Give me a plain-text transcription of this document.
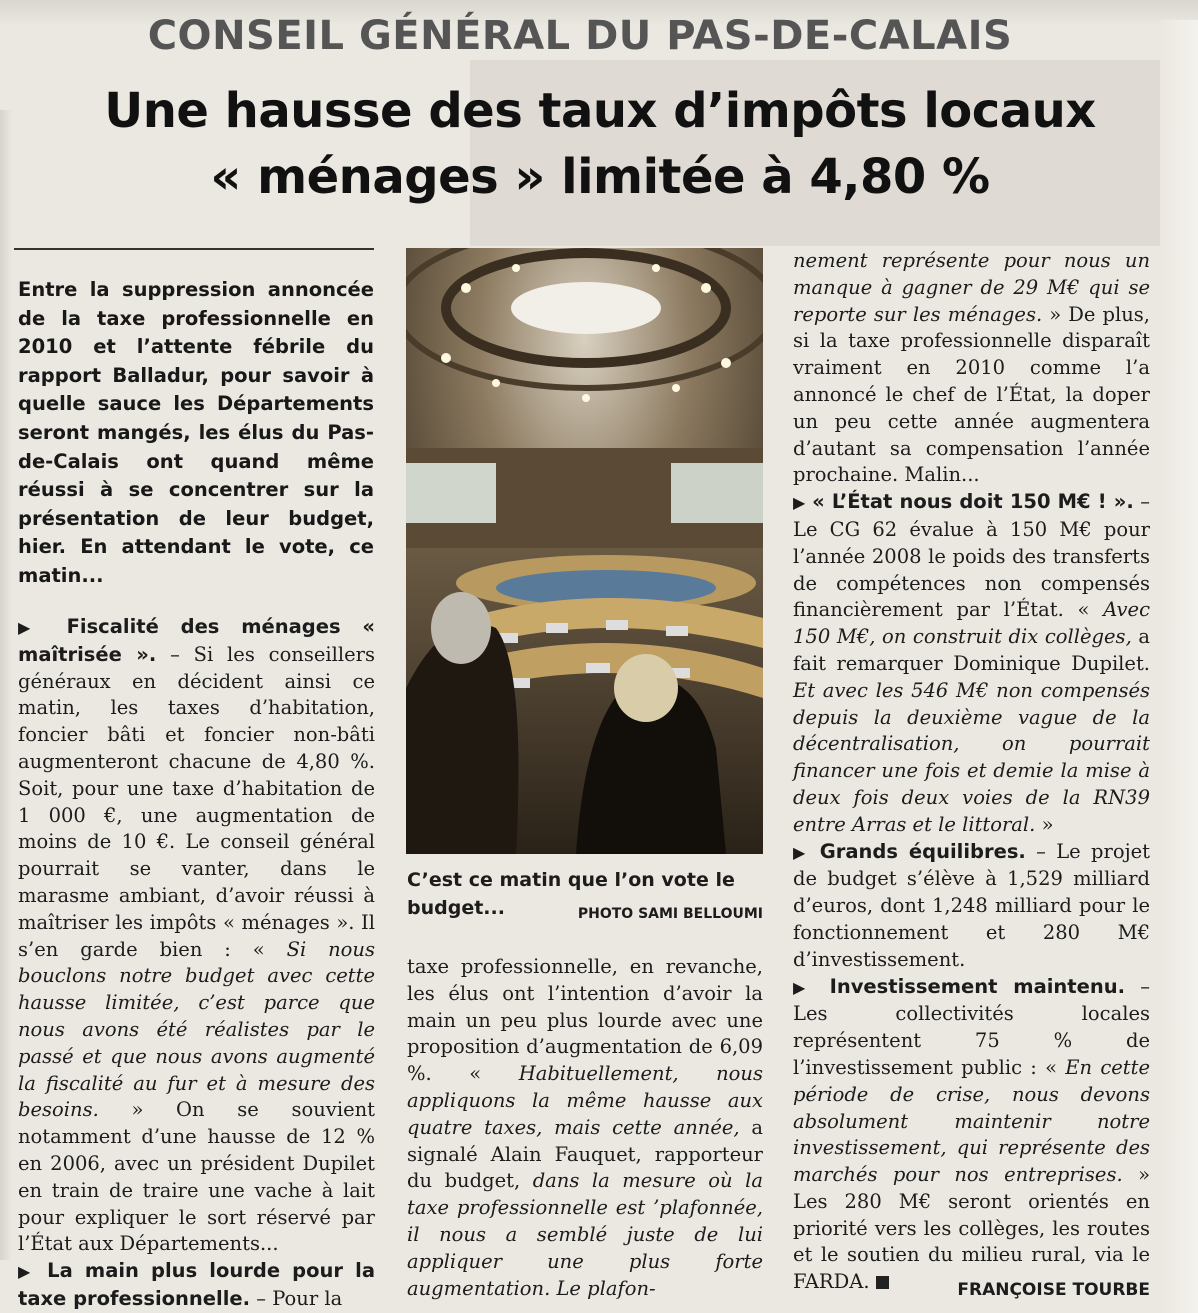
CONSEIL GÉNÉRAL DU PAS-DE-CALAIS
Une hausse des taux d’impôts locaux
« ménages » limitée à 4,80 %
Entre la suppression annoncée de la taxe professionnelle en 2010 et l’attente fébrile du rapport Balladur, pour savoir à quelle sauce les Départements seront mangés, les élus du Pas-de-Calais ont quand même réussi à se concentrer sur la présentation de leur budget, hier. En attendant le vote, ce matin...

▶ Fiscalité des ménages « maîtrisée ». – Si les conseillers généraux en décident ainsi ce matin, les taxes d’habitation, foncier bâti et foncier non-bâti augmenteront chacune de 4,80 %. Soit, pour une taxe d’habitation de 1 000 €, une augmentation de moins de 10 €. Le conseil général pourrait se vanter, dans le marasme ambiant, d’avoir réussi à maîtriser les impôts « ménages ». Il s’en garde bien : « Si nous bouclons notre budget avec cette hausse limitée, c’est parce que nous avons été réalistes par le passé et que nous avons augmenté la fiscalité au fur et à mesure des besoins. » On se souvient notamment d’une hausse de 12 % en 2006, avec un président Dupilet en train de traire une vache à lait pour expliquer le sort réservé par l’État aux Départements...

▶ La main plus lourde pour la taxe professionnelle. – Pour la

C’est ce matin que l’on vote le budget...	PHOTO SAMI BELLOUMI

taxe professionnelle, en revanche, les élus ont l’intention d’avoir la main un peu plus lourde avec une proposition d’augmentation de 6,09 %. « Habituellement, nous appliquons la même hausse aux quatre taxes, mais cette année, a signalé Alain Fauquet, rapporteur du budget, dans la mesure où la taxe professionnelle est ’plafonnée, il nous a semblé juste de lui appliquer une plus forte augmentation. Le plafon-

nement représente pour nous un manque à gagner de 29 M€ qui se reporte sur les ménages. » De plus, si la taxe professionnelle disparaît vraiment en 2010 comme l’a annoncé le chef de l’État, la doper un peu cette année augmentera d’autant sa compensation l’année prochaine. Malin...

▶ « L’État nous doit 150 M€ ! ». – Le CG 62 évalue à 150 M€ pour l’année 2008 le poids des transferts de compétences non compensés financièrement par l’État. « Avec 150 M€, on construit dix collèges, a fait remarquer Dominique Dupilet. Et avec les 546 M€ non compensés depuis la deuxième vague de la décentralisation, on pourrait financer une fois et demie la mise à deux fois deux voies de la RN39 entre Arras et le littoral. »

▶ Grands équilibres. – Le projet de budget s’élève à 1,529 milliard d’euros, dont 1,248 milliard pour le fonctionnement et 280 M€ d’investissement.

▶ Investissement maintenu. – Les collectivités locales représentent 75 % de l’investissement public : « En cette période de crise, nous devons absolument maintenir notre investissement, qui représente des marchés pour nos entreprises. » Les 280 M€ seront orientés en priorité vers les collèges, les routes et le soutien du milieu rural, via le FARDA.	FRANÇOISE TOURBE
